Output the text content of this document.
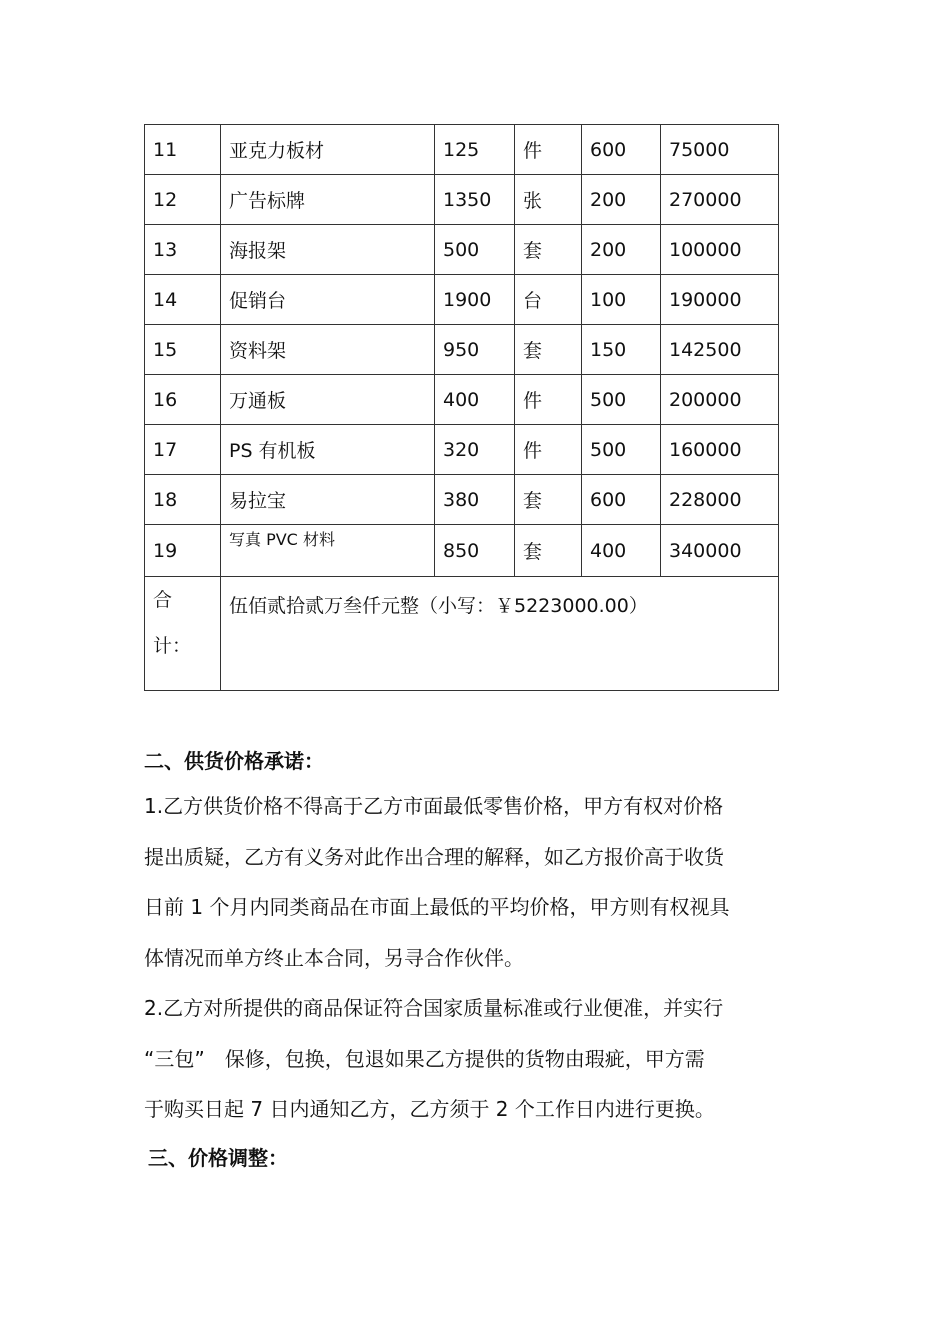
11	亚克力板材	125	件	600	75000
12	广告标牌	1350	张	200	270000
13	海报架	500	套	200	100000
14	促销台	1900	台	100	190000
15	资料架	950	套	150	142500
16	万通板	400	件	500	200000
17	PS 有机板	320	件	500	160000
18	易拉宝	380	套	600	228000
19	写真 PVC 材料	850	套	400	340000

合
计：	伍佰贰拾贰万叁仟元整（小写：￥5223000.00）				
二、供货价格承诺：
1.乙方供货价格不得高于乙方市面最低零售价格，甲方有权对价格
提出质疑，乙方有义务对此作出合理的解释，如乙方报价高于收货
日前 1 个月内同类商品在市面上最低的平均价格，甲方则有权视具
体情况而单方终止本合同，另寻合作伙伴。
2.乙方对所提供的商品保证符合国家质量标准或行业便准，并实行
“三包”　保修，包换，包退如果乙方提供的货物由瑕疵，甲方需
于购买日起 7 日内通知乙方，乙方须于 2 个工作日内进行更换。
三、价格调整：
